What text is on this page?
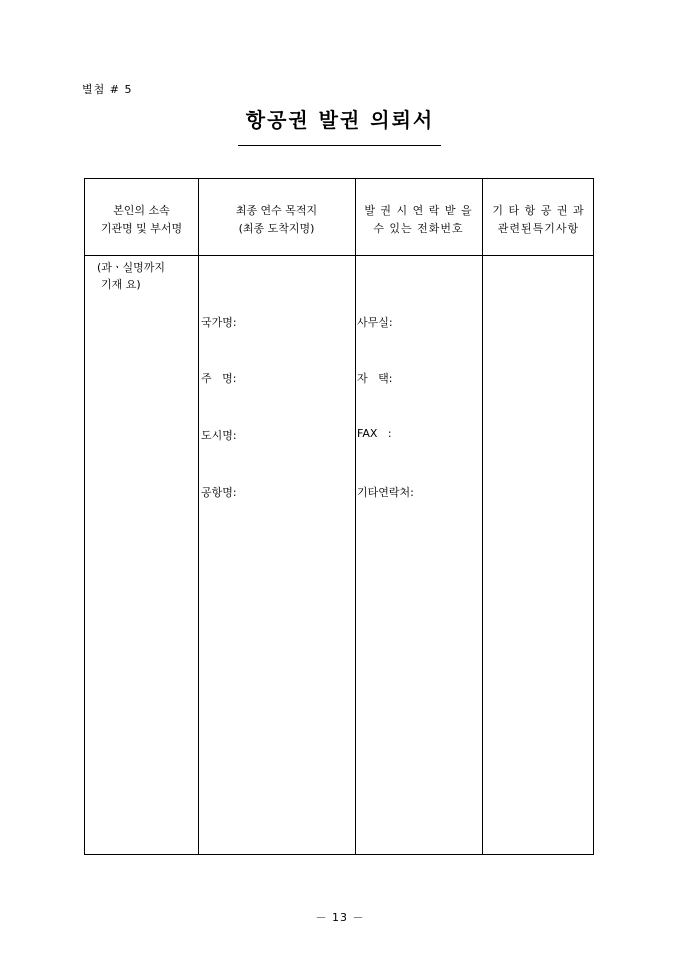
별첨 # 5
항공권 발권 의뢰서
본인의 소속
기관명 및 부서명
최종 연수 목적지
(최종 도착지명)
발 권 시 연 락 받 을
수 있는 전화번호
기 타 항 공 권 과
관련된특기사항
(과ㆍ실명까지
기재 요)
국가명:
주   명:
도시명:
공항명:
사무실:
자   택:
FAX   :
기타연락처:
－ 13 －
